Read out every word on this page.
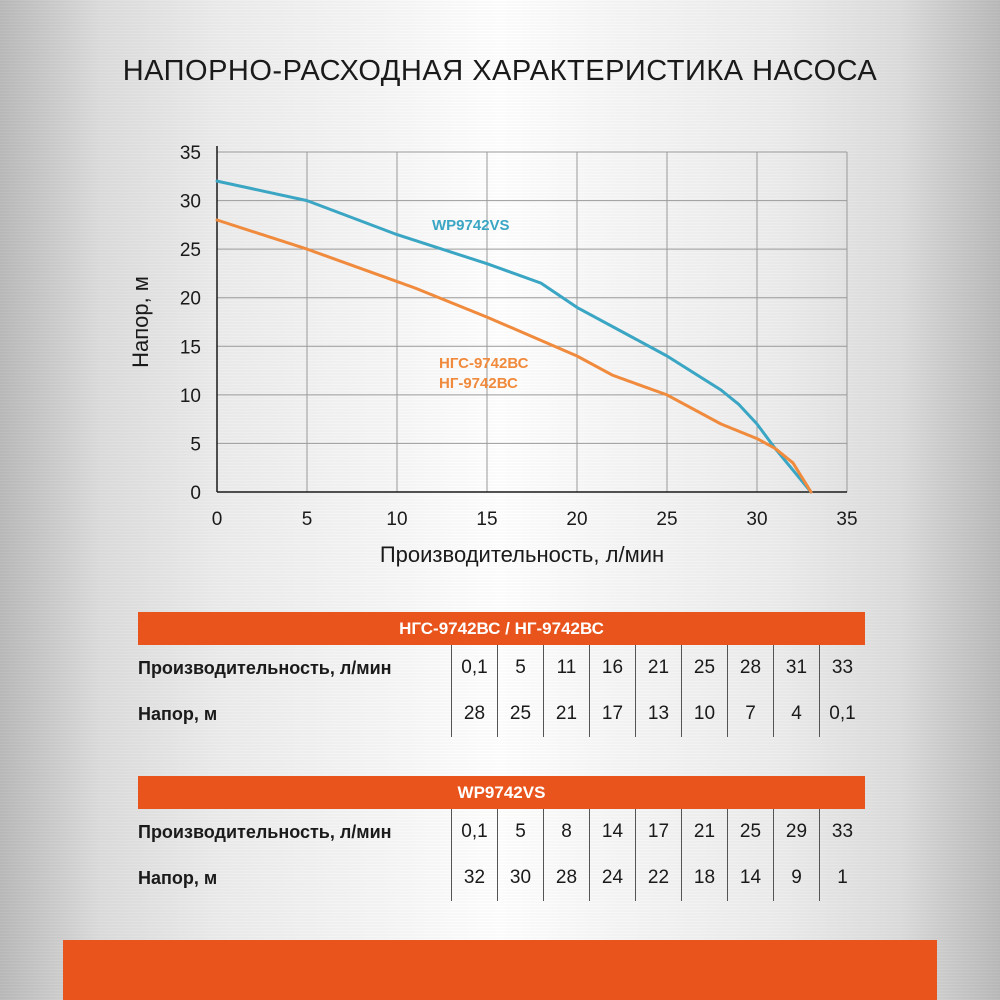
НАПОРНО-РАСХОДНАЯ ХАРАКТЕРИСТИКА НАСОСА
0
5
10
15
20
25
30
35
0	5	10	15	20	25	30	35
Производительность, л/мин
Напор, м
WP9742VS
НГС-9742ВС
НГ-9742ВС
НГС-9742ВС / НГ-9742ВС
Производительность, л/мин	0,1	5	11	16	21	25	28	31	33
Напор, м	28	25	21	17	13	10	7	4	0,1
WP9742VS
Производительность, л/мин	0,1	5	8	14	17	21	25	29	33
Напор, м	32	30	28	24	22	18	14	9	1
